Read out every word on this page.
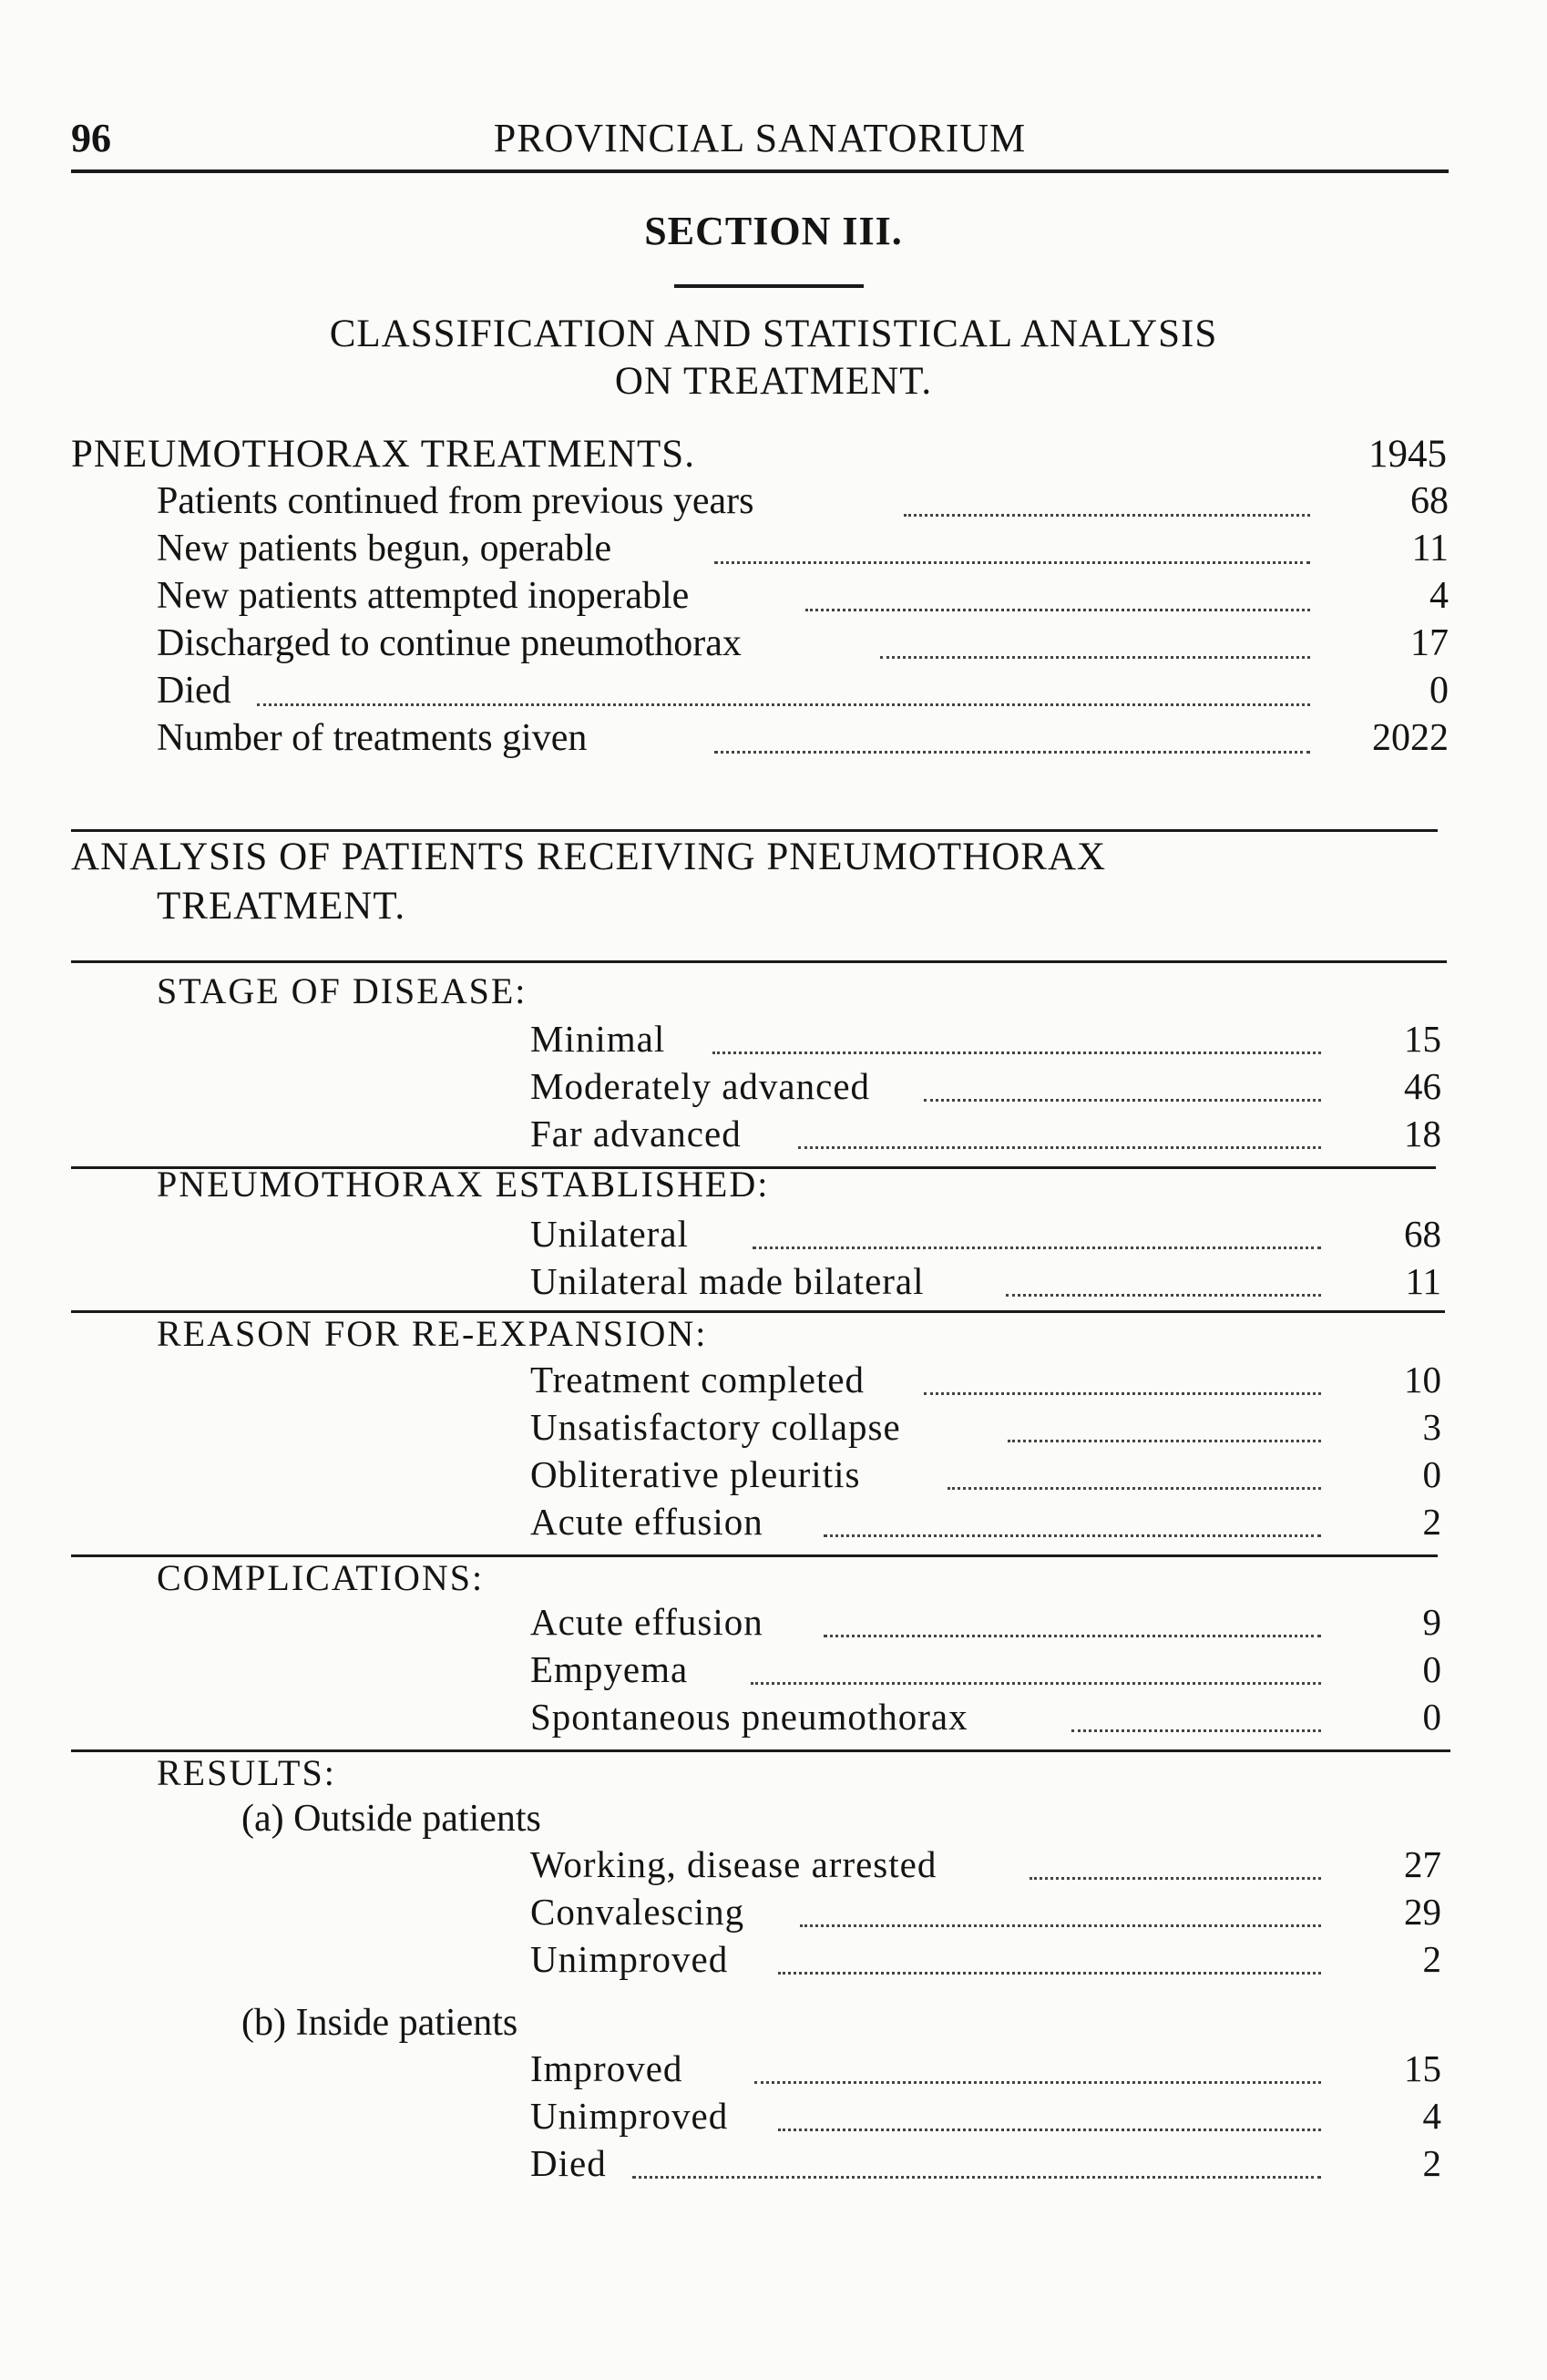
96	PROVINCIAL SANATORIUM
SECTION III.
CLASSIFICATION AND STATISTICAL ANALYSIS
ON TREATMENT.
PNEUMOTHORAX TREATMENTS.	1945
Patients continued from previous years	68
New patients begun, operable	11
New patients attempted inoperable	4
Discharged to continue pneumothorax	17
Died	0
Number of treatments given	2022
ANALYSIS OF PATIENTS RECEIVING PNEUMOTHORAX
TREATMENT.
STAGE OF DISEASE:
Minimal	15
Moderately advanced	46
Far advanced	18
PNEUMOTHORAX ESTABLISHED:
Unilateral	68
Unilateral made bilateral	11
REASON FOR RE-EXPANSION:
Treatment completed	10
Unsatisfactory collapse	3
Obliterative pleuritis	0
Acute effusion	2
COMPLICATIONS:
Acute effusion	9
Empyema	0
Spontaneous pneumothorax	0
RESULTS:
(a) Outside patients
Working, disease arrested	27
Convalescing	29
Unimproved	2
(b) Inside patients
Improved	15
Unimproved	4
Died	2
